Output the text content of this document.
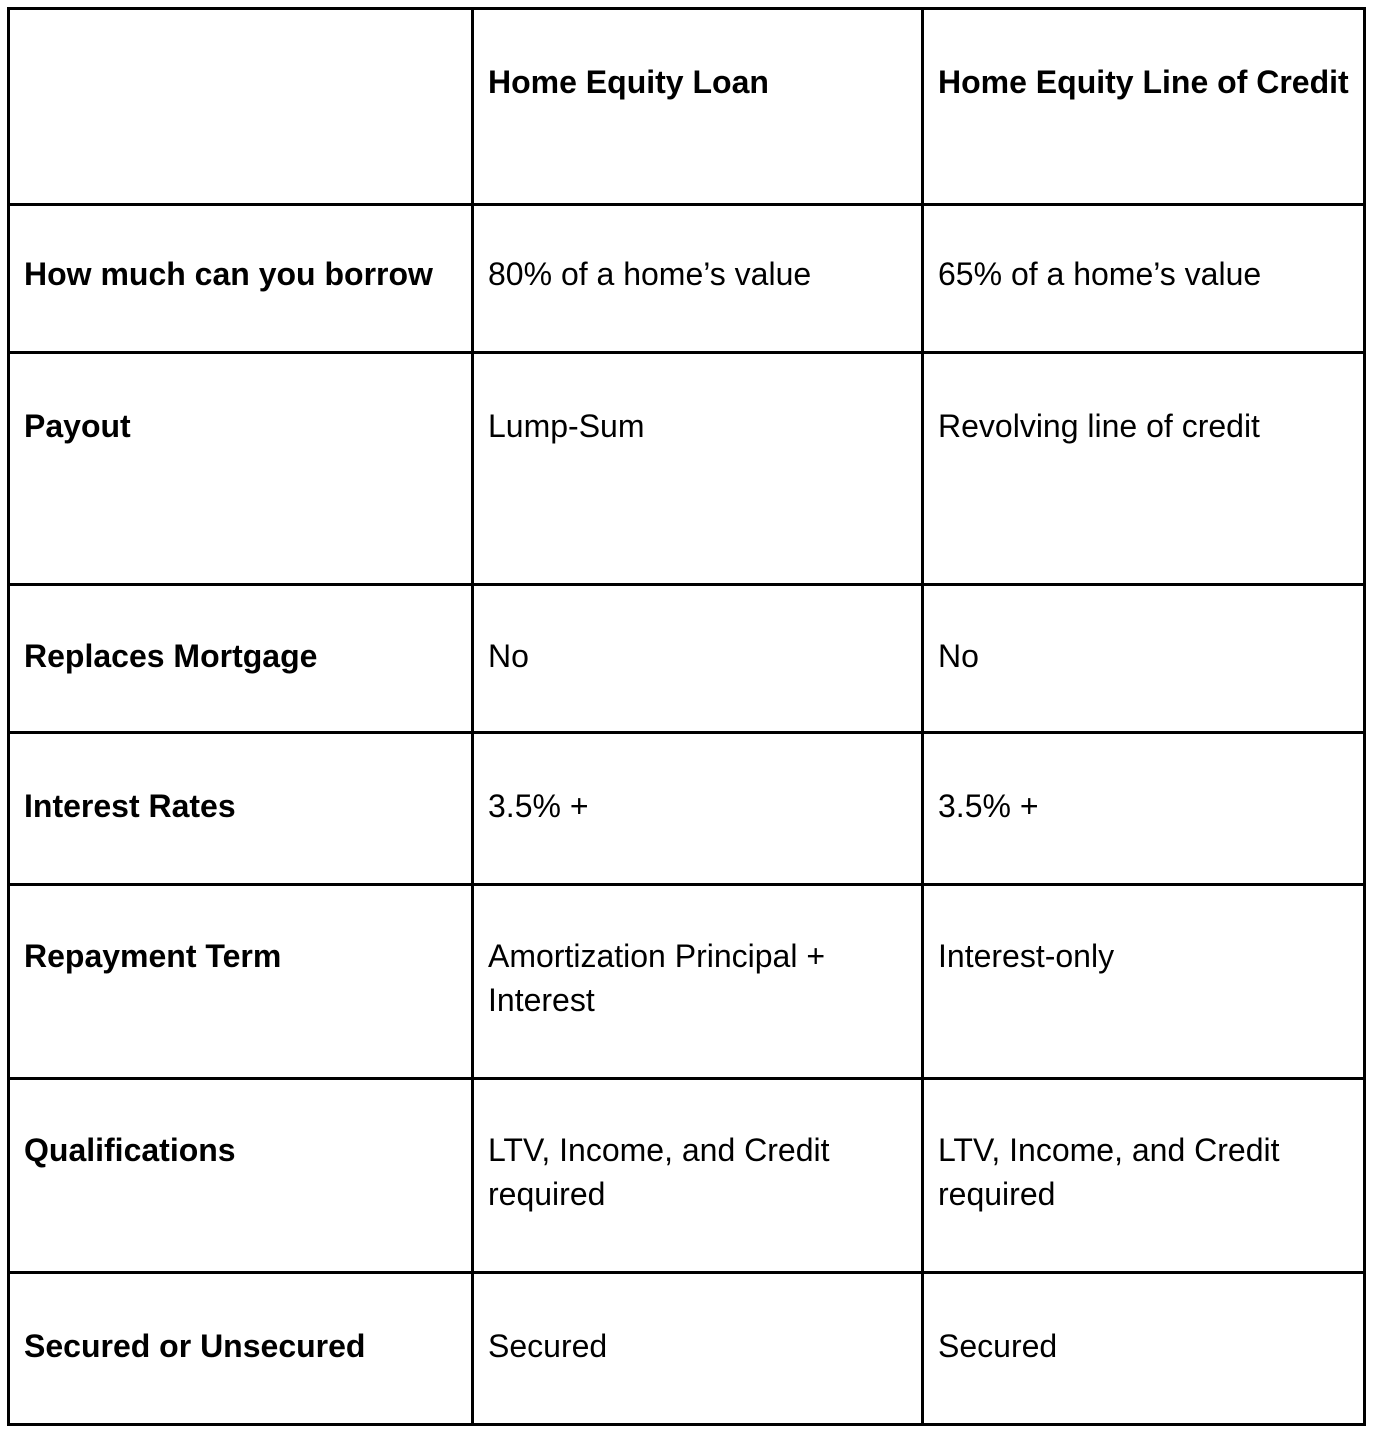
	Home Equity Loan	Home Equity Line of Credit
How much can you borrow	80% of a home’s value	65% of a home’s value
Payout	Lump-Sum	Revolving line of credit
Replaces Mortgage	No	No
Interest Rates	3.5% +	3.5% +
Repayment Term	Amortization Principal + Interest	Interest-only
Qualifications	LTV, Income, and Credit required	LTV, Income, and Credit required
Secured or Unsecured	Secured	Secured
